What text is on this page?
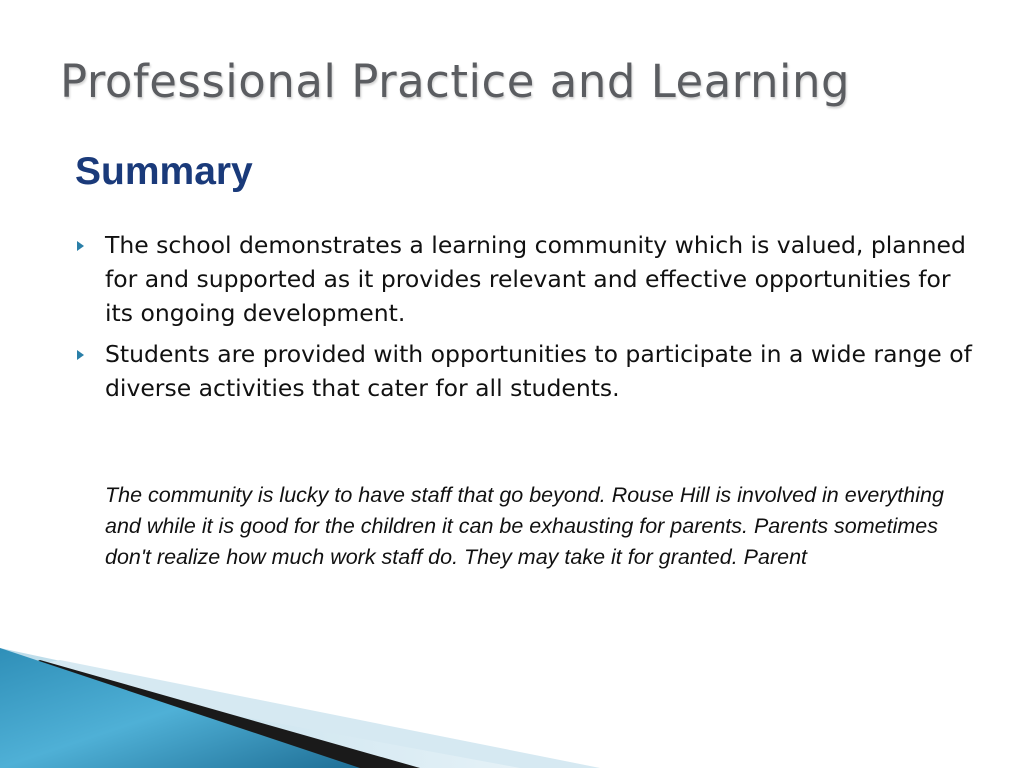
Professional Practice and Learning
Summary
The school demonstrates a learning community which is valued, planned for and supported as it provides relevant and effective opportunities for its ongoing development.
Students are provided with opportunities to participate in a wide range of diverse activities that cater for all students.

The community is lucky to have staff that go beyond. Rouse Hill is involved in everything and while it is good for the children it can be exhausting for parents. Parents sometimes don't realize how much work staff do. They may take it for granted. Parent
